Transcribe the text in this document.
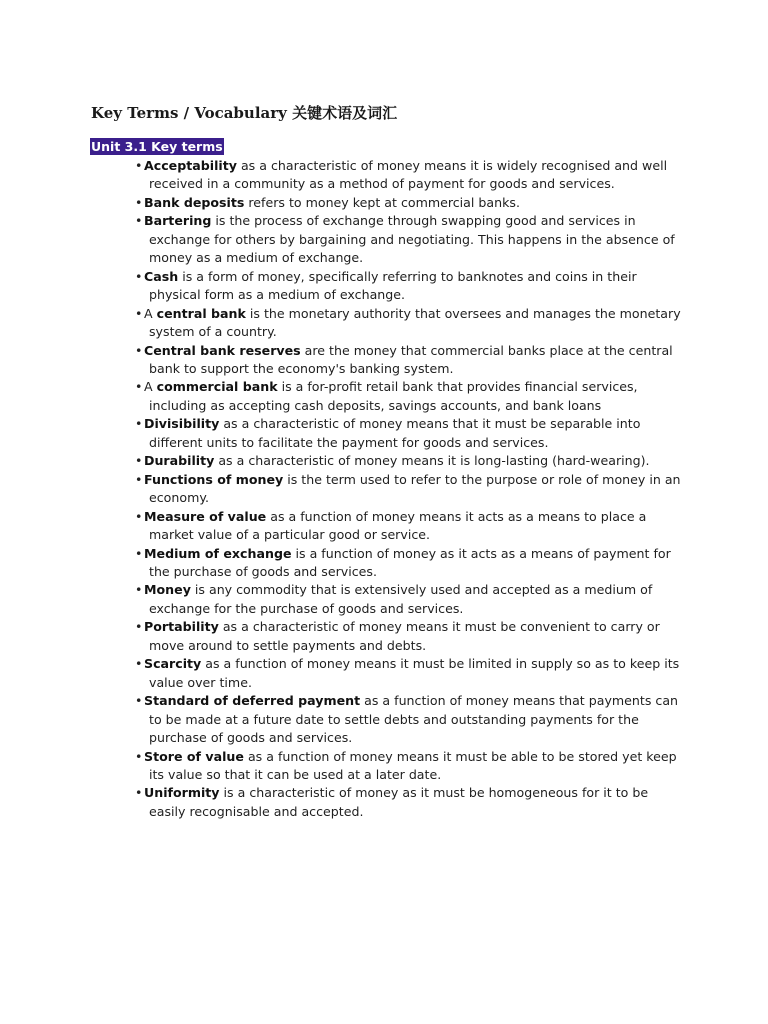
Key Terms / Vocabulary 关键术语及词汇
Unit 3.1 Key terms
• Acceptability as a characteristic of money means it is widely recognised and well received in a community as a method of payment for goods and services.
• Bank deposits refers to money kept at commercial banks.
• Bartering is the process of exchange through swapping good and services in exchange for others by bargaining and negotiating. This happens in the absence of money as a medium of exchange.
• Cash is a form of money, specifically referring to banknotes and coins in their physical form as a medium of exchange.
• A central bank is the monetary authority that oversees and manages the monetary system of a country.
• Central bank reserves are the money that commercial banks place at the central bank to support the economy's banking system.
• A commercial bank is a for-profit retail bank that provides financial services, including as accepting cash deposits, savings accounts, and bank loans
• Divisibility as a characteristic of money means that it must be separable into different units to facilitate the payment for goods and services.
• Durability as a characteristic of money means it is long-lasting (hard-wearing).
• Functions of money is the term used to refer to the purpose or role of money in an economy.
• Measure of value as a function of money means it acts as a means to place a market value of a particular good or service.
• Medium of exchange is a function of money as it acts as a means of payment for the purchase of goods and services.
• Money is any commodity that is extensively used and accepted as a medium of exchange for the purchase of goods and services.
• Portability as a characteristic of money means it must be convenient to carry or move around to settle payments and debts.
• Scarcity as a function of money means it must be limited in supply so as to keep its value over time.
• Standard of deferred payment as a function of money means that payments can to be made at a future date to settle debts and outstanding payments for the purchase of goods and services.
• Store of value as a function of money means it must be able to be stored yet keep its value so that it can be used at a later date.
• Uniformity is a characteristic of money as it must be homogeneous for it to be easily recognisable and accepted.
